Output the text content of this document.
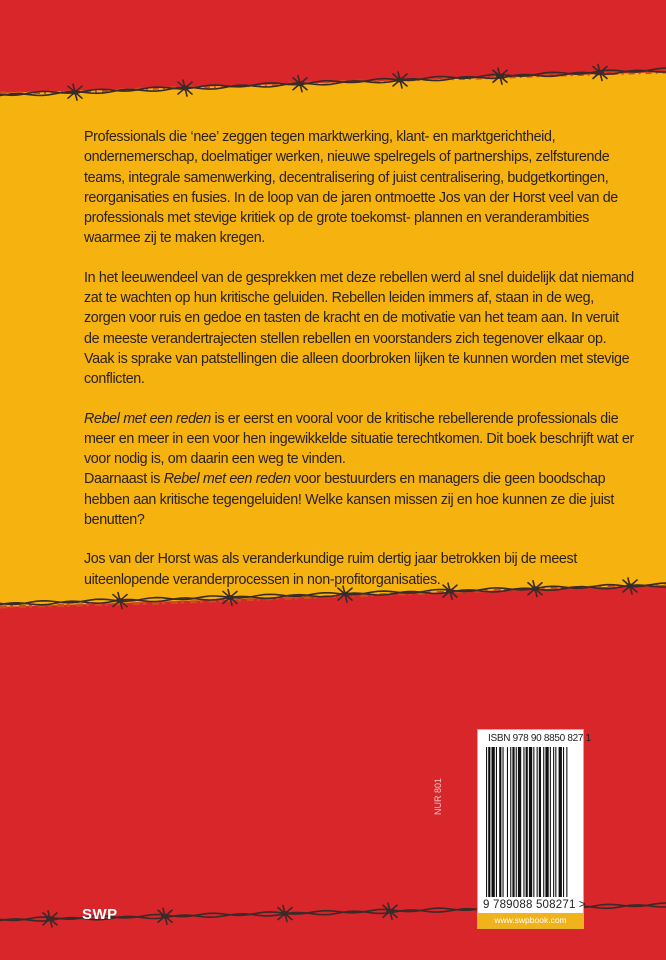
Professionals die ‘nee’ zeggen tegen marktwerking, klant- en marktgerichtheid, ondernemerschap, doelmatiger werken, nieuwe spelregels of partnerships, zelfsturende teams, integrale samenwerking, decentralisering of juist centralisering, budgetkortingen, reorganisaties en fusies. In de loop van de jaren ontmoette Jos van der Horst veel van de professionals met stevige kritiek op de grote toekomst- plannen en veranderambities waarmee zij te maken kregen.

In het leeuwendeel van de gesprekken met deze rebellen werd al snel duidelijk dat niemand zat te wachten op hun kritische geluiden. Rebellen leiden immers af, staan in de weg, zorgen voor ruis en gedoe en tasten de kracht en de motivatie van het team aan. In veruit de meeste verandertrajecten stellen rebellen en voorstanders zich tegenover elkaar op. Vaak is sprake van patstellingen die alleen doorbroken lijken te kunnen worden met stevige conflicten.

Rebel met een reden is er eerst en vooral voor de kritische rebellerende professionals die meer en meer in een voor hen ingewikkelde situatie terechtkomen. Dit boek beschrijft wat er voor nodig is, om daarin een weg te vinden.

Daarnaast is Rebel met een reden voor bestuurders en managers die geen boodschap hebben aan kritische tegengeluiden! Welke kansen missen zij en hoe kunnen ze die juist benutten?

Jos van der Horst was als veranderkundige ruim dertig jaar betrokken bij de meest uiteenlopende veranderprocessen in non-profitorganisaties.

SWP
NUR 801
ISBN 978 90 8850 827 1
9 789088 508271 >
www.swpbook.com
